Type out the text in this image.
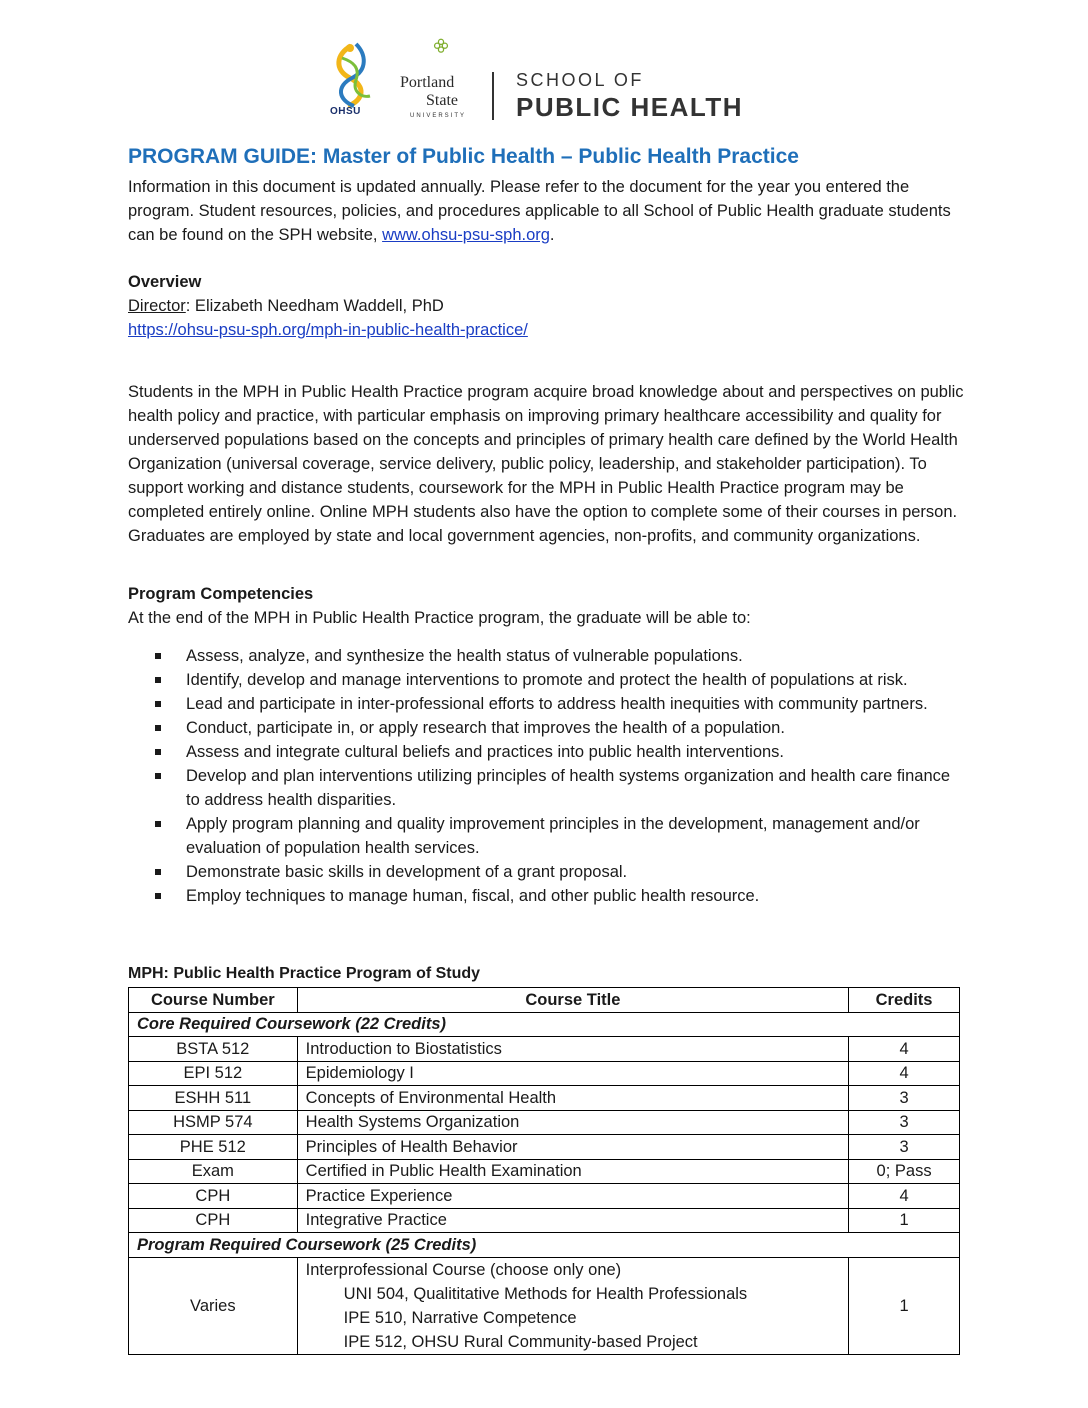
OHSU
Portland
State
UNIVERSITY
SCHOOL OF
PUBLIC HEALTH
PROGRAM GUIDE: Master of Public Health – Public Health Practice
Information in this document is updated annually. Please refer to the document for the year you entered the program. Student resources, policies, and procedures applicable to all School of Public Health graduate students can be found on the SPH website, www.ohsu-psu-sph.org.
Overview
Director: Elizabeth Needham Waddell, PhD
https://ohsu-psu-sph.org/mph-in-public-health-practice/
Students in the MPH in Public Health Practice program acquire broad knowledge about and perspectives on public health policy and practice, with particular emphasis on improving primary healthcare accessibility and quality for underserved populations based on the concepts and principles of primary health care defined by the World Health Organization (universal coverage, service delivery, public policy, leadership, and stakeholder participation). To support working and distance students, coursework for the MPH in Public Health Practice program may be completed entirely online. Online MPH students also have the option to complete some of their courses in person. Graduates are employed by state and local government agencies, non-profits, and community organizations.
Program Competencies
At the end of the MPH in Public Health Practice program, the graduate will be able to:
Assess, analyze, and synthesize the health status of vulnerable populations.
Identify, develop and manage interventions to promote and protect the health of populations at risk.
Lead and participate in inter-professional efforts to address health inequities with community partners.
Conduct, participate in, or apply research that improves the health of a population.
Assess and integrate cultural beliefs and practices into public health interventions.
Develop and plan interventions utilizing principles of health systems organization and health care finance to address health disparities.
Apply program planning and quality improvement principles in the development, management and/or evaluation of population health services.
Demonstrate basic skills in development of a grant proposal.
Employ techniques to manage human, fiscal, and other public health resource.
MPH: Public Health Practice Program of Study
Course Number	Course Title	Credits
Core Required Coursework (22 Credits)		
BSTA 512	Introduction to Biostatistics	4
EPI 512	Epidemiology I	4
ESHH 511	Concepts of Environmental Health	3
HSMP 574	Health Systems Organization	3
PHE 512	Principles of Health Behavior	3
Exam	Certified in Public Health Examination	0; Pass
CPH	Practice Experience	4
CPH	Integrative Practice	1
Program Required Coursework (25 Credits)		
Varies	Interprofessional Course (choose only one)
UNI 504, Qualititative Methods for Health Professionals
IPE 510, Narrative Competence
IPE 512, OHSU Rural Community-based Project	1
